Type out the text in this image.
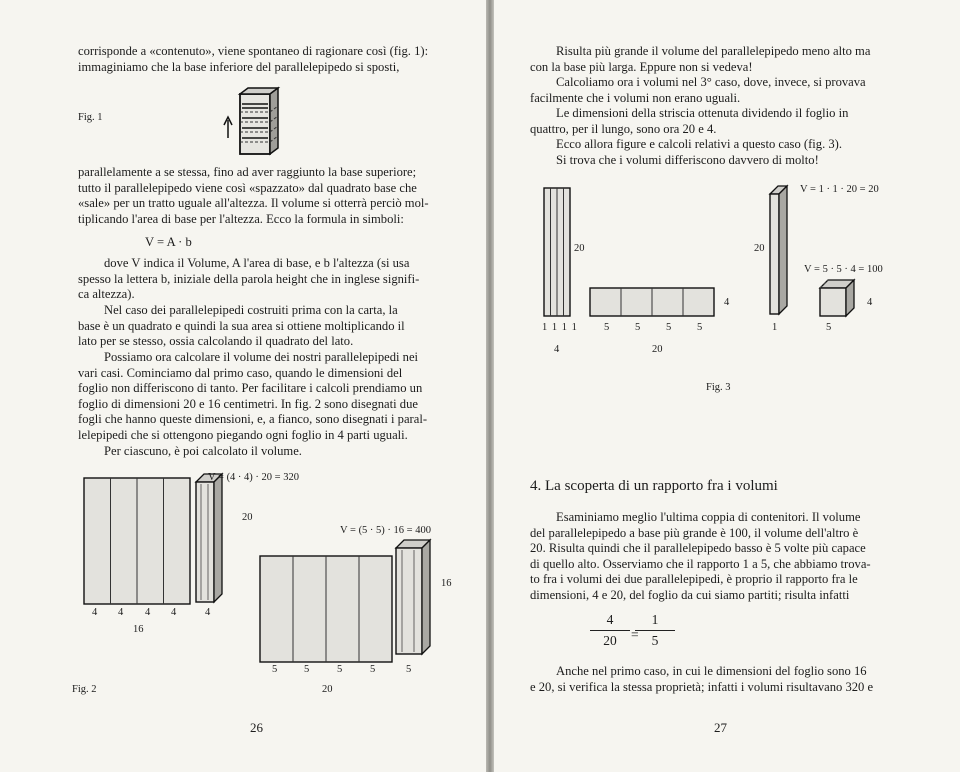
corrisponde a «contenuto», viene spontaneo di ragionare così (fig. 1):
immaginiamo che la base inferiore del parallelepipedo si sposti,

Fig. 1

parallelamente a se stessa, fino ad aver raggiunto la base superiore;
tutto il parallelepipedo viene così «spazzato» dal quadrato base che
«sale» per un tratto uguale all'altezza. Il volume si otterrà perciò mol-
tiplicando l'area di base per l'altezza. Ecco la formula in simboli:

V = A · b

dove V indica il Volume, A l'area di base, e b l'altezza (si usa

spesso la lettera b, iniziale della parola height che in inglese signifi-
ca altezza).

Nel caso dei parallelepipedi costruiti prima con la carta, la

base è un quadrato e quindi la sua area si ottiene moltiplicando il
lato per se stesso, ossia calcolando il quadrato del lato.

Possiamo ora calcolare il volume dei nostri parallelepipedi nei

vari casi. Cominciamo dal primo caso, quando le dimensioni del
foglio non differiscono di tanto. Per facilitare i calcoli prendiamo un
foglio di dimensioni 20 e 16 centimetri. In fig. 2 sono disegnati due
fogli che hanno queste dimensioni, e, a fianco, sono disegnati i paral-
lelepipedi che si ottengono piegando ogni foglio in 4 parti uguali.

Per ciascuno, è poi calcolato il volume.

V = (4 · 4) · 20 = 320
20
V = (5 · 5) · 16 = 400
16
4 4 4 4	4
16
5	5	5	5	5
20
Fig. 2
26

Risulta più grande il volume del parallelepipedo meno alto ma

con la base più larga. Eppure non si vedeva!

Calcoliamo ora i volumi nel 3° caso, dove, invece, si provava

facilmente che i volumi non erano uguali.

Le dimensioni della striscia ottenuta dividendo il foglio in

quattro, per il lungo, sono ora 20 e 4.

Ecco allora figure e calcoli relativi a questo caso (fig. 3).

Si trova che i volumi differiscono davvero di molto!

V = 1 · 1 · 20 = 20
20	20
V = 5 · 5 · 4 = 100
4	4
1 1 1 1 5 5 5 5	1	5
4	20
Fig. 3
4. La scoperta di un rapporto fra i volumi

Esaminiamo meglio l'ultima coppia di contenitori. Il volume

del parallelepipedo a base più grande è 100, il volume dell'altro è
20. Risulta quindi che il parallelepipedo basso è 5 volte più capace
di quello alto. Osserviamo che il rapporto 1 a 5, che abbiamo trova-
to fra i volumi dei due parallelepipedi, è proprio il rapporto fra le
dimensioni, 4 e 20, del foglio da cui siamo partiti; risulta infatti

4
20	=
1
5

Anche nel primo caso, in cui le dimensioni del foglio sono 16

e 20, si verifica la stessa proprietà; infatti i volumi risultavano 320 e

27
